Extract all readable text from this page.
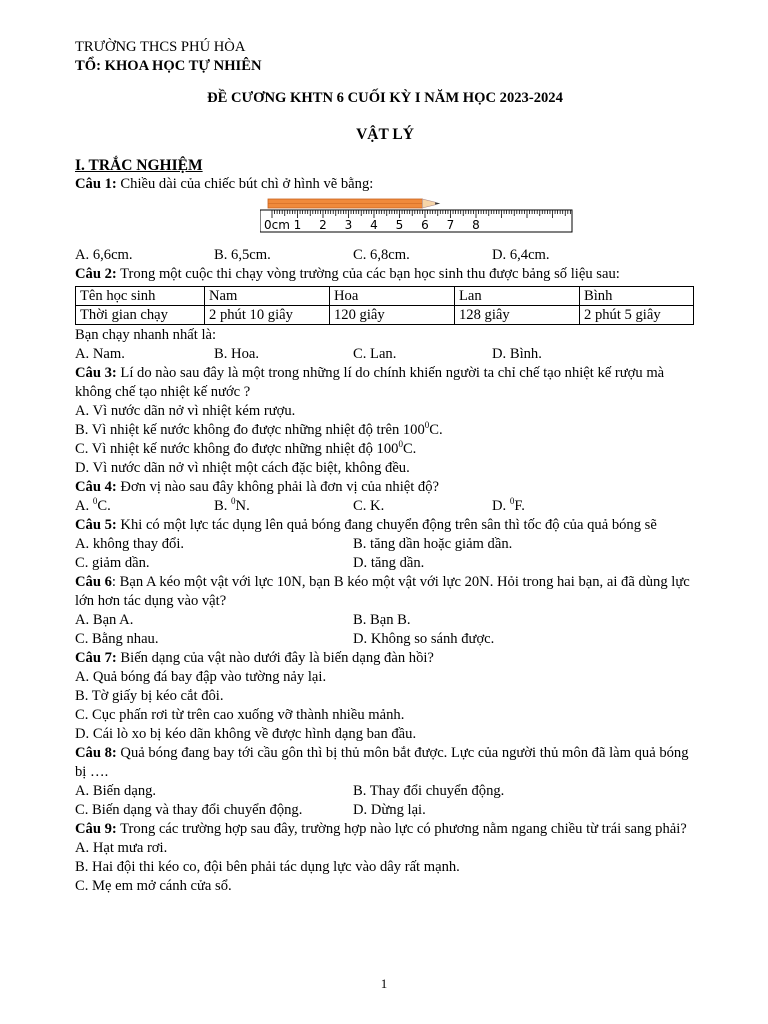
TRƯỜNG THCS PHÚ HÒA
TỔ: KHOA HỌC TỰ NHIÊN
ĐỀ CƯƠNG KHTN 6 CUỐI KỲ I NĂM HỌC 2023-2024
VẬT LÝ
I. TRẮC NGHIỆM
Câu 1: Chiều dài của chiếc bút chì ở hình vẽ bằng:
0cm 1 2 3 4 5 6 7 8
A. 6,6cm.	B. 6,5cm.	C. 6,8cm.	D. 6,4cm.
Câu 2: Trong một cuộc thi chạy vòng trường của các bạn học sinh thu được bảng số liệu sau:
Tên học sinh	Nam	Hoa	Lan	Bình
Thời gian chạy	2 phút 10 giây	120 giây	128 giây	2 phút 5 giây
Bạn chạy nhanh nhất là:
A. Nam.	B. Hoa.	C. Lan.	D. Bình.
Câu 3: Lí do nào sau đây là một trong những lí do chính khiến người ta chỉ chế tạo nhiệt kế rượu mà không chế tạo nhiệt kế nước ?
A. Vì nước dãn nở vì nhiệt kém rượu.
B. Vì nhiệt kế nước không đo được những nhiệt độ trên $100^0C$.
C. Vì nhiệt kế nước không đo được những nhiệt độ $100^0C$.
D. Vì nước dãn nở vì nhiệt một cách đặc biệt, không đều.
Câu 4: Đơn vị nào sau đây không phải là đơn vị của nhiệt độ?
A. $^0$C.	B. $^0$N.	C. K.	D. $^0$F.
Câu 5: Khi có một lực tác dụng lên quả bóng đang chuyển động trên sân thì tốc độ của quả bóng sẽ
A. không thay đổi.	B. tăng dần hoặc giảm dần.
C. giảm dần.	D. tăng dần.
Câu 6: Bạn A kéo một vật với lực 10N, bạn B kéo một vật với lực 20N. Hỏi trong hai bạn, ai đã dùng lực lớn hơn tác dụng vào vật?
A. Bạn A.	B. Bạn B.
C. Bằng nhau.	D. Không so sánh được.
Câu 7: Biến dạng của vật nào dưới đây là biến dạng đàn hồi?
A. Quả bóng đá bay đập vào tường nảy lại.
B. Tờ giấy bị kéo cắt đôi.
C. Cục phấn rơi từ trên cao xuống vỡ thành nhiều mảnh.
D. Cái lò xo bị kéo dãn không về được hình dạng ban đầu.
Câu 8: Quả bóng đang bay tới cầu gôn thì bị thủ môn bắt được. Lực của người thủ môn đã làm quả bóng bị ….
A. Biến dạng.	B. Thay đổi chuyển động.
C. Biến dạng và thay đổi chuyển động.	D. Dừng lại.
Câu 9: Trong các trường hợp sau đây, trường hợp nào lực có phương nằm ngang chiều từ trái sang phải?
A. Hạt mưa rơi.
B. Hai đội thi kéo co, đội bên phải tác dụng lực vào dây rất mạnh.
C. Mẹ em mở cánh cửa sổ.
1
